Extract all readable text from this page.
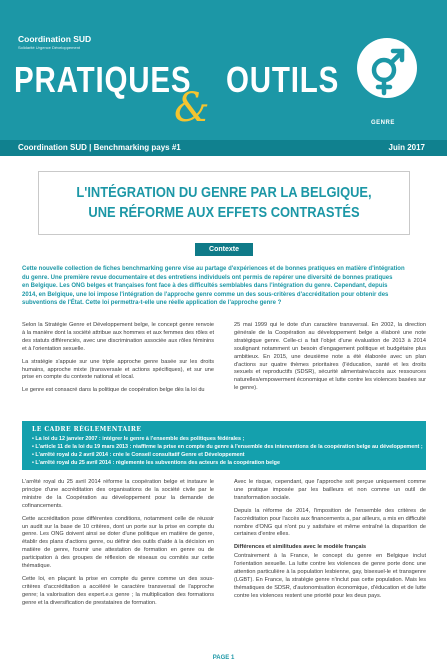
Coordination SUD
Solidarité Urgence Développement
PRATIQUES
&
OUTILS
GENRE
Coordination SUD | Benchmarking pays #1	Juin 2017
L'INTÉGRATION DU GENRE PAR LA BELGIQUE,
UNE RÉFORME AUX EFFETS CONTRASTÉS
Contexte
Cette nouvelle collection de fiches benchmarking genre vise au partage d'expériences et de bonnes pratiques en matière d'intégration
du genre. Une première revue documentaire et des entretiens individuels ont permis de repérer une diversité de bonnes pratiques
en Belgique. Les ONG belges et françaises font face à des difficultés semblables dans l'intégration du genre. Cependant, depuis
2014, en Belgique, une loi impose l'intégration de l'approche genre comme un des sous-critères d'accréditation pour obtenir des
subventions de l'État. Cette loi permettra-t-elle une réelle application de l'approche genre ?

Selon la Stratégie Genre et Développement belge, le concept genre renvoie à la manière dont la société attribue aux hommes et aux femmes des rôles et des statuts différenciés, avec une discrimination associée aux rôles féminins et à l'orientation sexuelle.

La stratégie s'appuie sur une triple approche genre basée sur les droits humains, approche mixte (transversale et actions spécifiques), et sur une prise en compte du contexte national et local.

Le genre est consacré dans la politique de coopération belge dès la loi du

25 mai 1999 qui le dote d'un caractère transversal. En 2002, la direction générale de la Coopération au développement belge a élaboré une note stratégique genre. Celle-ci a fait l'objet d'une évaluation de 2013 à 2014 soulignant notamment un besoin d'engagement politique et budgétaire plus ambitieux. En 2015, une deuxième note a été élaborée avec un plan d'actions sur quatre thèmes prioritaires (l'éducation, santé et les droits sexuels et reproductifs (SDSR), sécurité alimentaire/accès aux ressources naturelles/empowerment économique et lutte contre les violences basées sur le genre).

LE CADRE RÉGLEMENTAIRE
• La loi du 12 janvier 2007 : intégrer le genre à l'ensemble des politiques fédérales ;
• L'article 11 de la loi du 19 mars 2013 : réaffirme la prise en compte du genre à l'ensemble des interventions de la coopération belge au développement ;
• L'arrêté royal du 2 avril 2014 : crée le Conseil consultatif Genre et Développement
• L'arrêté royal du 25 avril 2014 : règlemente les subventions des acteurs de la coopération belge

L'arrêté royal du 25 avril 2014 réforme la coopération belge et instaure le principe d'une accréditation des organisations de la société civile par le ministre de la Coopération au développement pour la demande de cofinancements.

Cette accréditation pose différentes conditions, notamment celle de réussir un audit sur la base de 10 critères, dont un porte sur la prise en compte du genre. Les ONG doivent ainsi se doter d'une politique en matière de genre, établir des plans d'actions genre, ou définir des outils d'aide à la décision en matière de genre, fournir une attestation de formation en genre ou de participation à des groupes de réflexion de réseaux ou comités sur cette thématique.

Cette loi, en plaçant la prise en compte du genre comme un des sous-critères d'accréditation a accéléré le caractère transversal de l'approche genre; la valorisation des expert.e.s genre ; la multiplication des formations genre et la diversification de prestataires de formation.

Avec le risque, cependant, que l'approche soit perçue uniquement comme une pratique imposée par les bailleurs et non comme un outil de transformation sociale.

Depuis la réforme de 2014, l'imposition de l'ensemble des critères de l'accréditation pour l'accès aux financements a, par ailleurs, a mis en difficulté nombre d'ONG qui n'ont pu y satisfaire et même entraîné la disparition de certaines d'entre elles.

Différences et similitudes avec le modèle français

Contrairement à la France, le concept du genre en Belgique inclut l'orientation sexuelle. La lutte contre les violences de genre porte donc une attention particulière à la population lesbienne, gay, bisexuel-le et transgenre (LGBT). En France, la stratégie genre n'inclut pas cette population. Mais les thématiques de SDSR, d'autonomisation économique, d'éducation et de lutte contre les violences restent une priorité pour les deux pays.

PAGE 1
